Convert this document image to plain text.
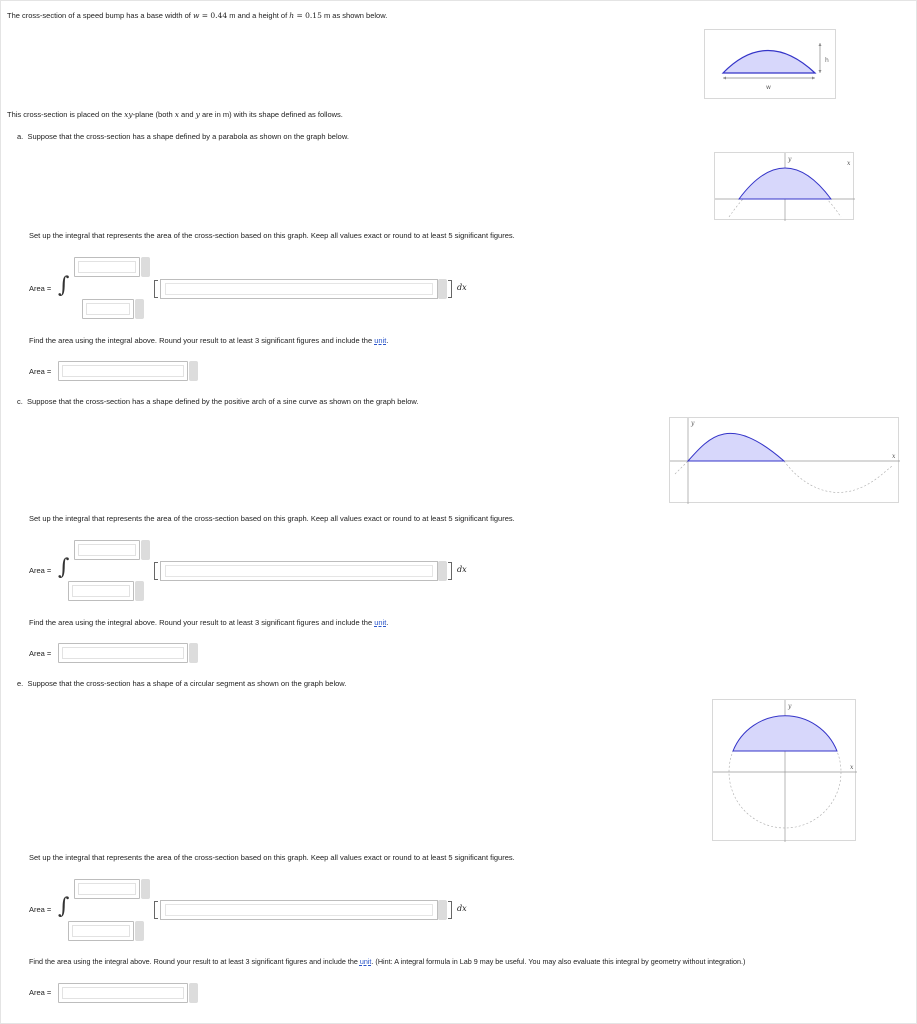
The cross-section of a speed bump has a base width of w = 0.44 m and a height of h = 0.15 m as shown below.
h
w
This cross-section is placed on the xy-plane (both x and y are in m) with its shape defined as follows.
a. Suppose that the cross-section has a shape defined by a parabola as shown on the graph below.
y
x
Set up the integral that represents the area of the cross-section based on this graph. Keep all values exact or round to at least 5 significant figures.
Area = ∫	dx
Find the area using the integral above. Round your result to at least 3 significant figures and include the unit.
Area =
c. Suppose that the cross-section has a shape defined by the positive arch of a sine curve as shown on the graph below.
y
x
Set up the integral that represents the area of the cross-section based on this graph. Keep all values exact or round to at least 5 significant figures.
Area = ∫	dx
Find the area using the integral above. Round your result to at least 3 significant figures and include the unit.
Area =
e. Suppose that the cross-section has a shape of a circular segment as shown on the graph below.
y
x
Set up the integral that represents the area of the cross-section based on this graph. Keep all values exact or round to at least 5 significant figures.
Area = ∫	dx
Find the area using the integral above. Round your result to at least 3 significant figures and include the unit. (Hint: A integral formula in Lab 9 may be useful. You may also evaluate this integral by geometry without integration.)
Area =
